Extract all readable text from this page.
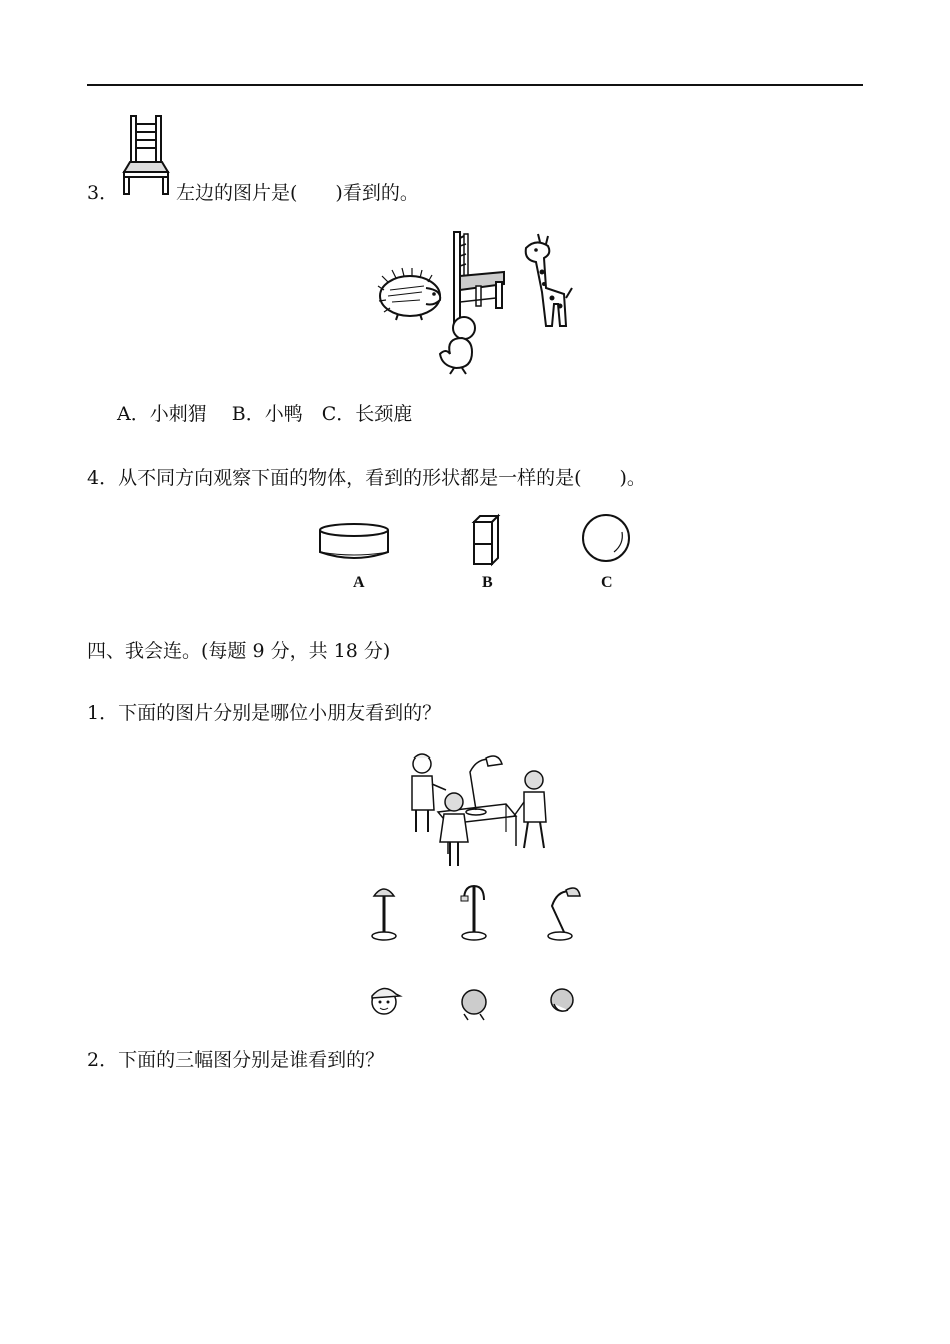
3．	左边的图片是(　　)看到的。
A．小刺猬　 B．小鸭　C．长颈鹿
4．从不同方向观察下面的物体，看到的形状都是一样的是(　　)。
A	B	C
四、我会连。(每题 9 分，共 18 分)
1．下面的图片分别是哪位小朋友看到的？
2．下面的三幅图分别是谁看到的？
